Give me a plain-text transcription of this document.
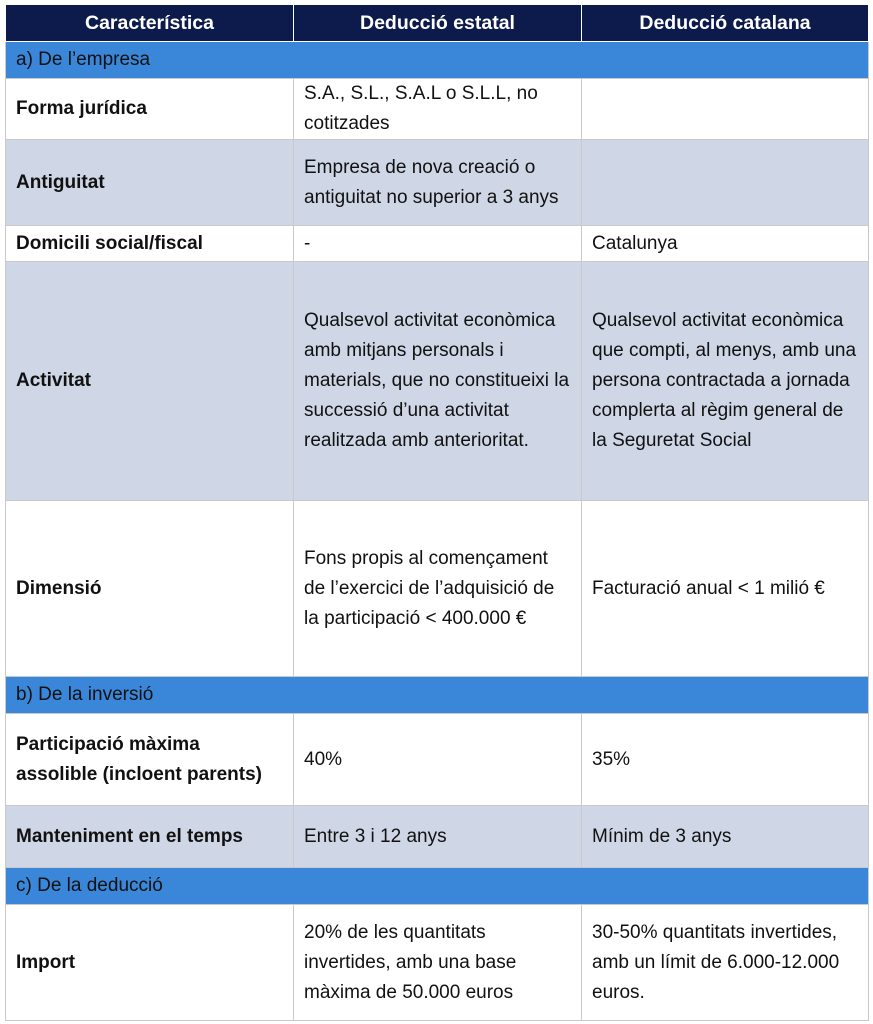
Característica	Deducció estatal	Deducció catalana
a) De l’empresa		
Forma jurídica	S.A., S.L., S.A.L o S.L.L, no cotitzades	
Antiguitat	Empresa de nova creació o antiguitat no superior a 3 anys	
Domicili social/fiscal	-	Catalunya
Activitat	Qualsevol activitat econòmica amb mitjans personals i materials, que no constitueixi la successió d’una activitat realitzada amb anterioritat.	Qualsevol activitat econòmica que compti, al menys, amb una persona contractada a jornada complerta al règim general de la Seguretat Social
Dimensió	Fons propis al començament de l’exercici de l’adquisició de la participació < 400.000 €	Facturació anual < 1 milió €
b) De la inversió		
Participació màxima assolible (incloent parents)	40%	35%
Manteniment en el temps	Entre 3 i 12 anys	Mínim de 3 anys
c) De la deducció		
Import	20% de les quantitats invertides, amb una base màxima de 50.000 euros	30-50% quantitats invertides, amb un límit de 6.000-12.000 euros.
